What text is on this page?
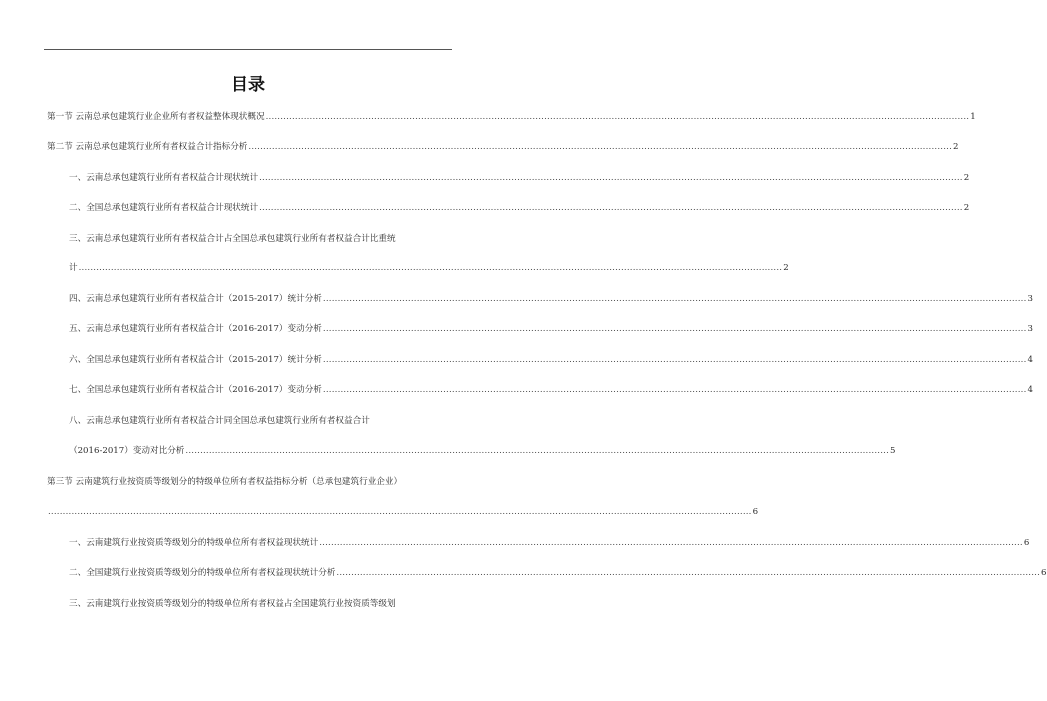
目录
第一节 云南总承包建筑行业企业所有者权益整体现状概况 ................................................................................................................................................................................................................................................ 1
第二节 云南总承包建筑行业所有者权益合计指标分析 ................................................................................................................................................................................................................................................ 2
一、云南总承包建筑行业所有者权益合计现状统计 ................................................................................................................................................................................................................................................ 2
二、全国总承包建筑行业所有者权益合计现状统计 ................................................................................................................................................................................................................................................ 2
三、云南总承包建筑行业所有者权益合计占全国总承包建筑行业所有者权益合计比重统
计 ................................................................................................................................................................................................................................................ 2
四、云南总承包建筑行业所有者权益合计（2015-2017）统计分析 ................................................................................................................................................................................................................................................ 3
五、云南总承包建筑行业所有者权益合计（2016-2017）变动分析 ................................................................................................................................................................................................................................................ 3
六、全国总承包建筑行业所有者权益合计（2015-2017）统计分析 ................................................................................................................................................................................................................................................ 4
七、全国总承包建筑行业所有者权益合计（2016-2017）变动分析 ................................................................................................................................................................................................................................................ 4
八、云南总承包建筑行业所有者权益合计同全国总承包建筑行业所有者权益合计
（2016-2017）变动对比分析 ................................................................................................................................................................................................................................................ 5
第三节 云南建筑行业按资质等级划分的特级单位所有者权益指标分析（总承包建筑行业企业）
................................................................................................................................................................................................................................................ 6
一、云南建筑行业按资质等级划分的特级单位所有者权益现状统计 ................................................................................................................................................................................................................................................ 6
二、全国建筑行业按资质等级划分的特级单位所有者权益现状统计分析 ................................................................................................................................................................................................................................................ 6
三、云南建筑行业按资质等级划分的特级单位所有者权益占全国建筑行业按资质等级划
